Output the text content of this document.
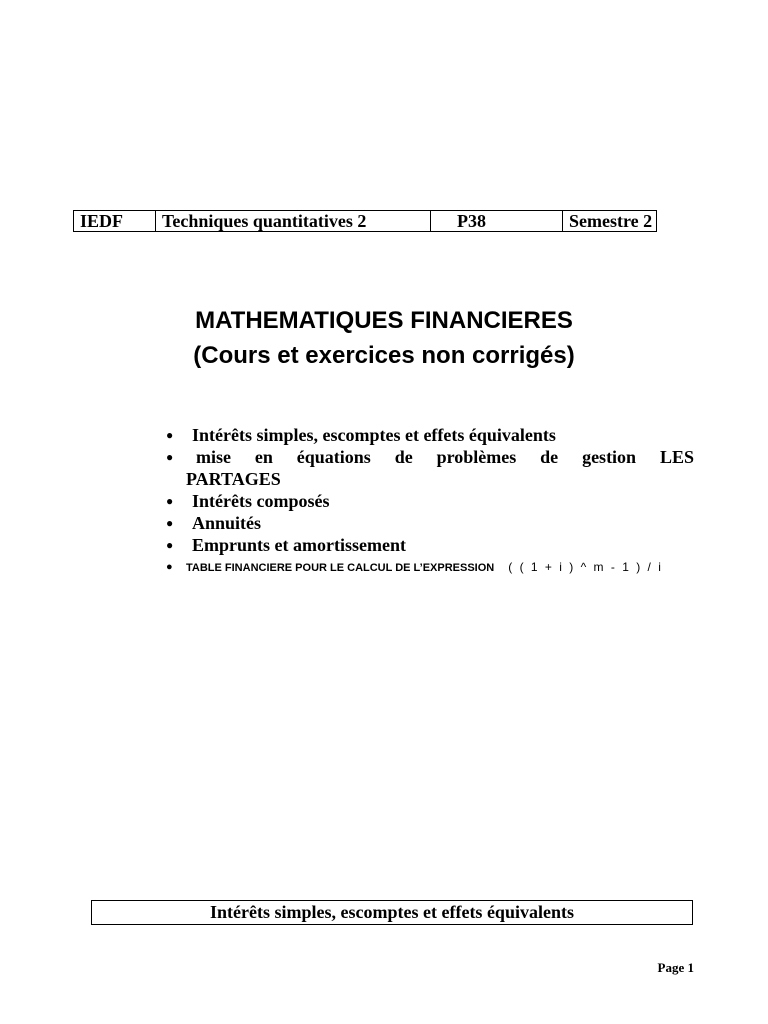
IEDF	Techniques quantitatives 2	P38	Semestre 2
MATHEMATIQUES FINANCIERES
(Cours et exercices non corrigés)
● Intérêts simples, escomptes et effets équivalents
● mise en équations de problèmes de gestion LES
PARTAGES
● Intérêts composés
● Annuités
● Emprunts et amortissement
● TABLE FINANCIERE POUR LE CALCUL DE L’EXPRESSION ( ( 1 + i ) ^ m - 1 ) / i
Intérêts simples, escomptes et effets équivalents
Page 1
